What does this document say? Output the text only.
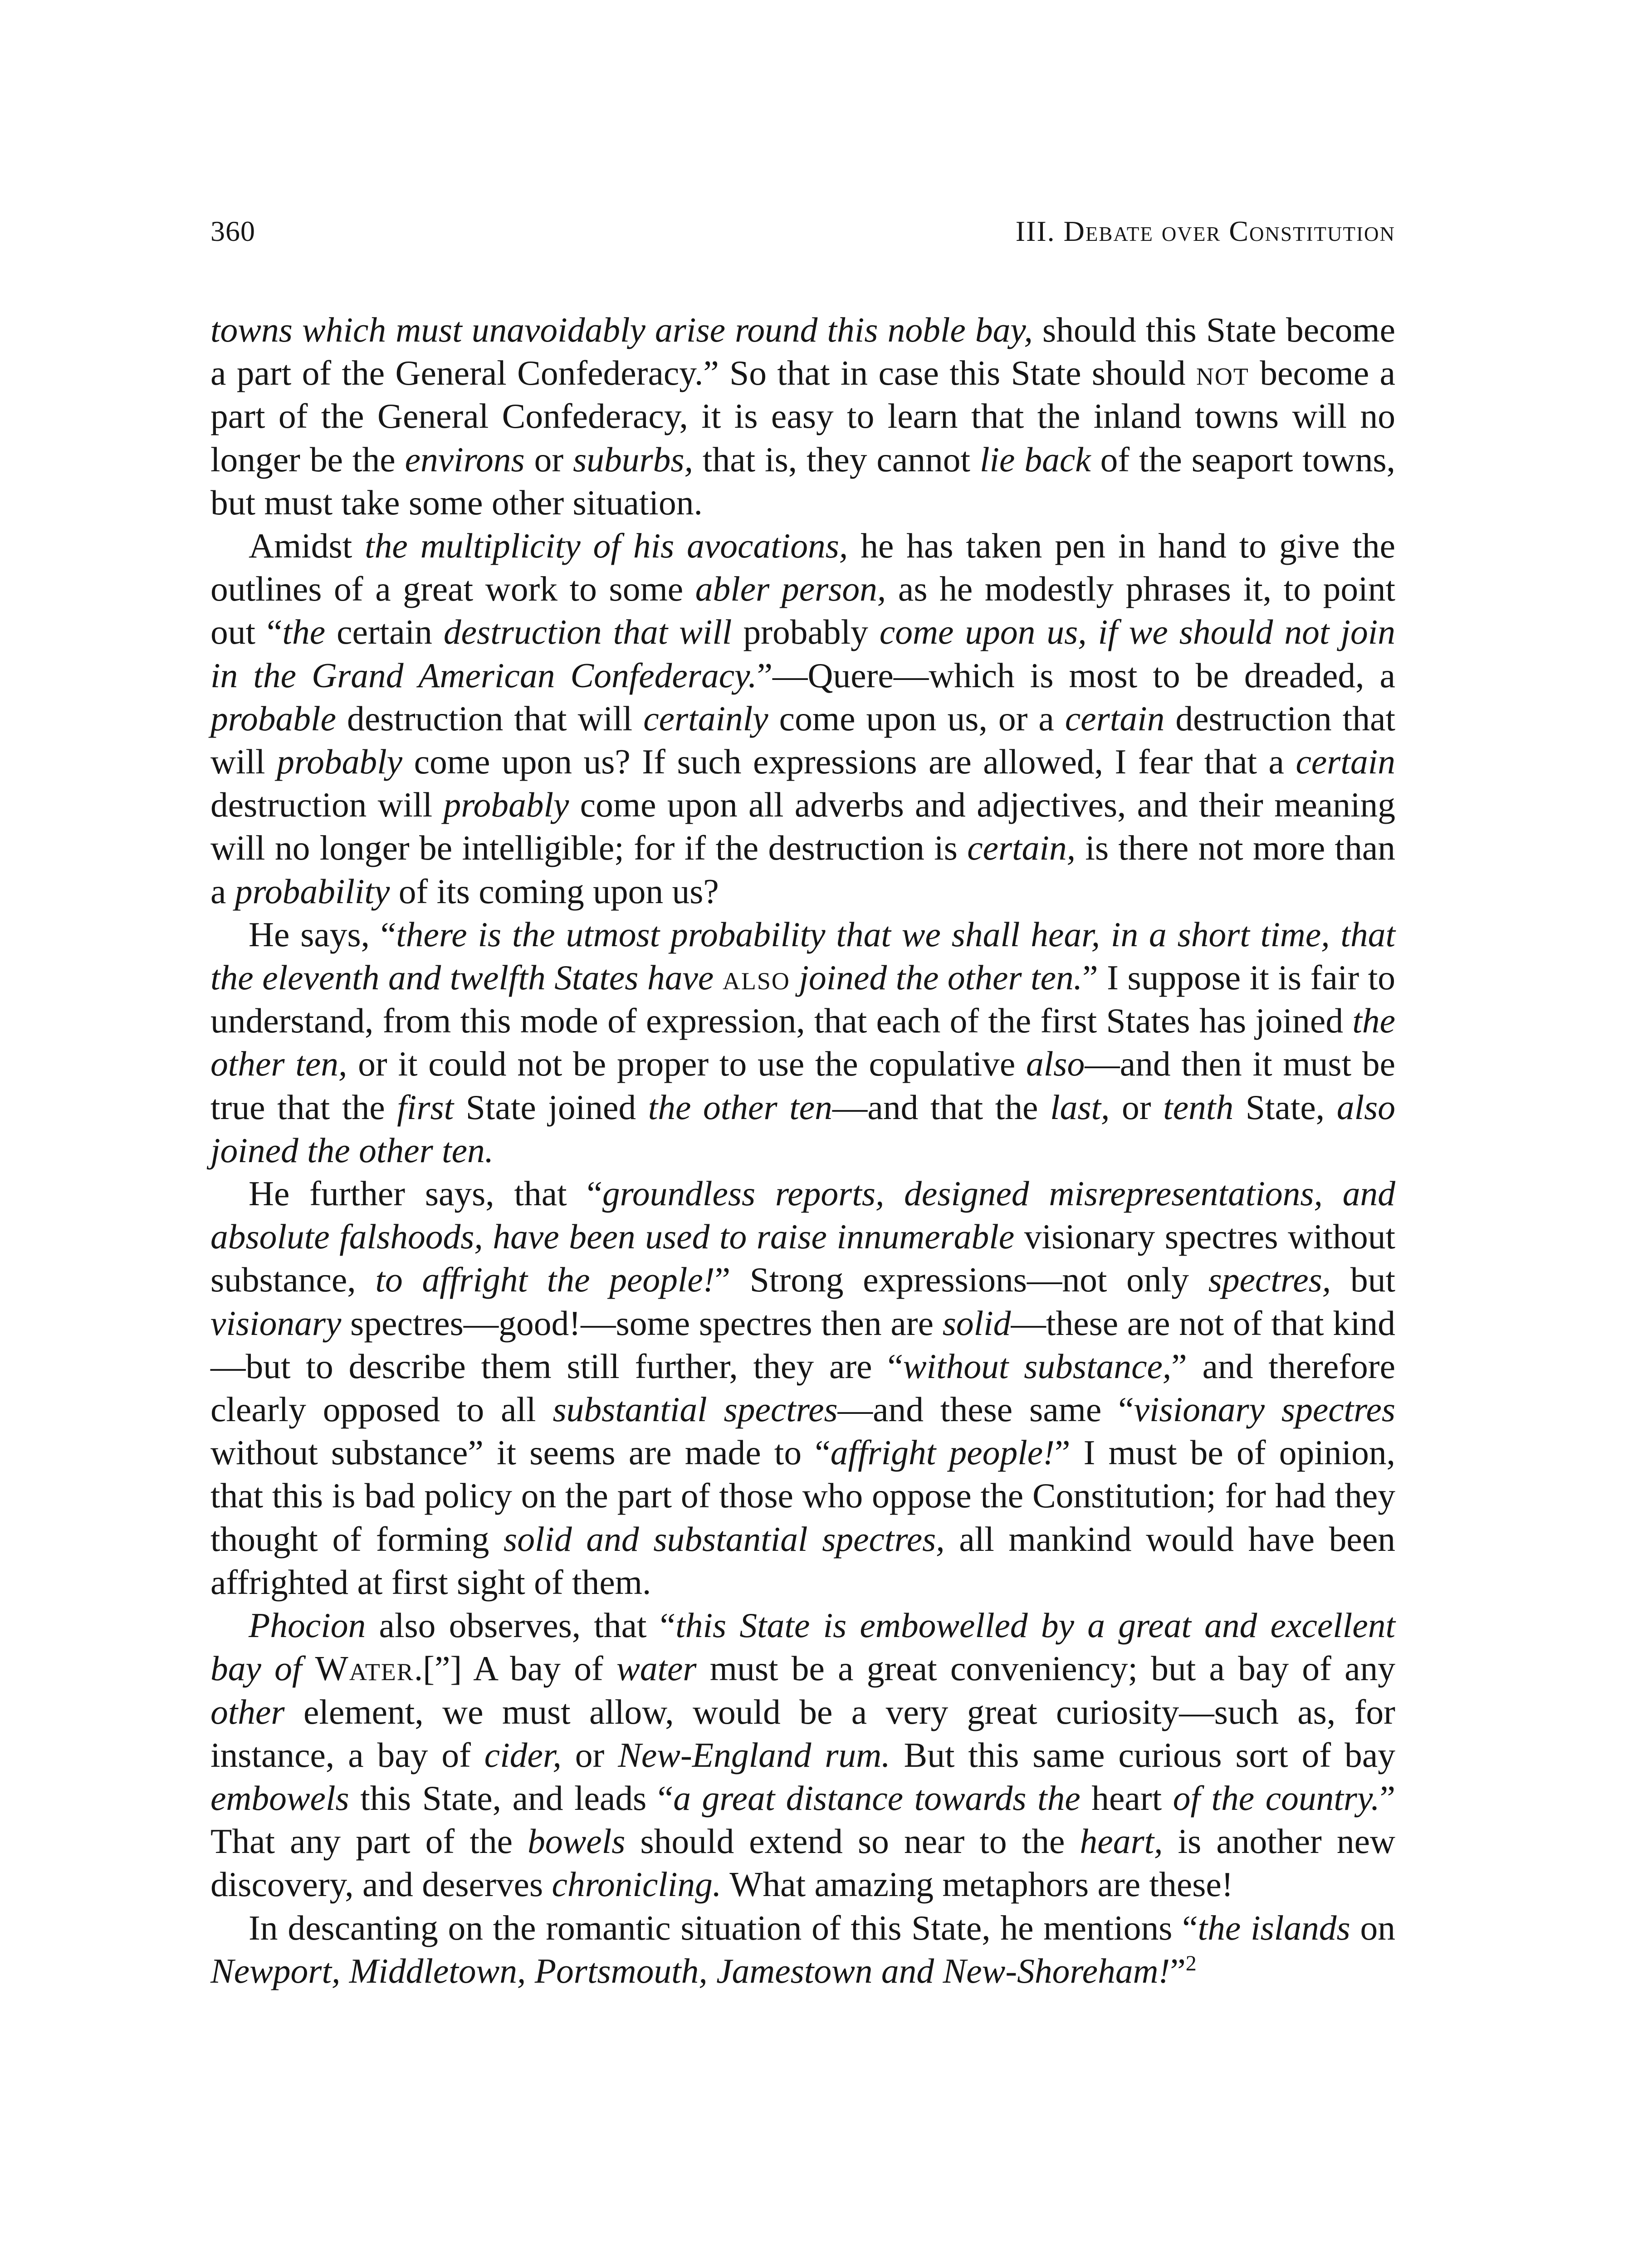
360	III. Debate over Constitution

towns which must unavoidably arise round this noble bay, should this State become a part of the General Confederacy.” So that in case this State should not become a part of the General Confederacy, it is easy to learn that the inland towns will no longer be the environs or suburbs, that is, they cannot lie back of the seaport towns, but must take some other situation.

Amidst the multiplicity of his avocations, he has taken pen in hand to give the outlines of a great work to some abler person, as he modestly phrases it, to point out “the certain destruction that will probably come upon us, if we should not join in the Grand American Confederacy.”—Quere—which is most to be dreaded, a probable destruction that will certainly come upon us, or a certain destruction that will probably come upon us? If such expressions are allowed, I fear that a certain destruction will probably come upon all adverbs and adjectives, and their meaning will no longer be intelligible; for if the destruction is certain, is there not more than a probability of its coming upon us?

He says, “there is the utmost probability that we shall hear, in a short time, that the eleventh and twelfth States have also joined the other ten.” I suppose it is fair to understand, from this mode of expression, that each of the first States has joined the other ten, or it could not be proper to use the copulative also—and then it must be true that the first State joined the other ten—and that the last, or tenth State, also joined the other ten.

He further says, that “groundless reports, designed misrepresentations, and absolute falshoods, have been used to raise innumerable visionary spectres without substance, to affright the people!” Strong expressions—not only spectres, but visionary spectres—good!—some spectres then are solid—these are not of that kind—but to describe them still further, they are “without substance,” and therefore clearly opposed to all substantial spectres—and these same “visionary spectres without substance” it seems are made to “affright people!” I must be of opinion, that this is bad policy on the part of those who oppose the Constitution; for had they thought of forming solid and substantial spectres, all mankind would have been affrighted at first sight of them.

Phocion also observes, that “this State is embowelled by a great and excellent bay of Water.[”] A bay of water must be a great conveniency; but a bay of any other element, we must allow, would be a very great curiosity—such as, for instance, a bay of cider, or New-England rum. But this same curious sort of bay embowels this State, and leads “a great distance towards the heart of the country.” That any part of the bowels should extend so near to the heart, is another new discovery, and deserves chronicling. What amazing metaphors are these!

In descanting on the romantic situation of this State, he mentions “the islands on Newport, Middletown, Portsmouth, Jamestown and New-Shoreham!”$^2$
